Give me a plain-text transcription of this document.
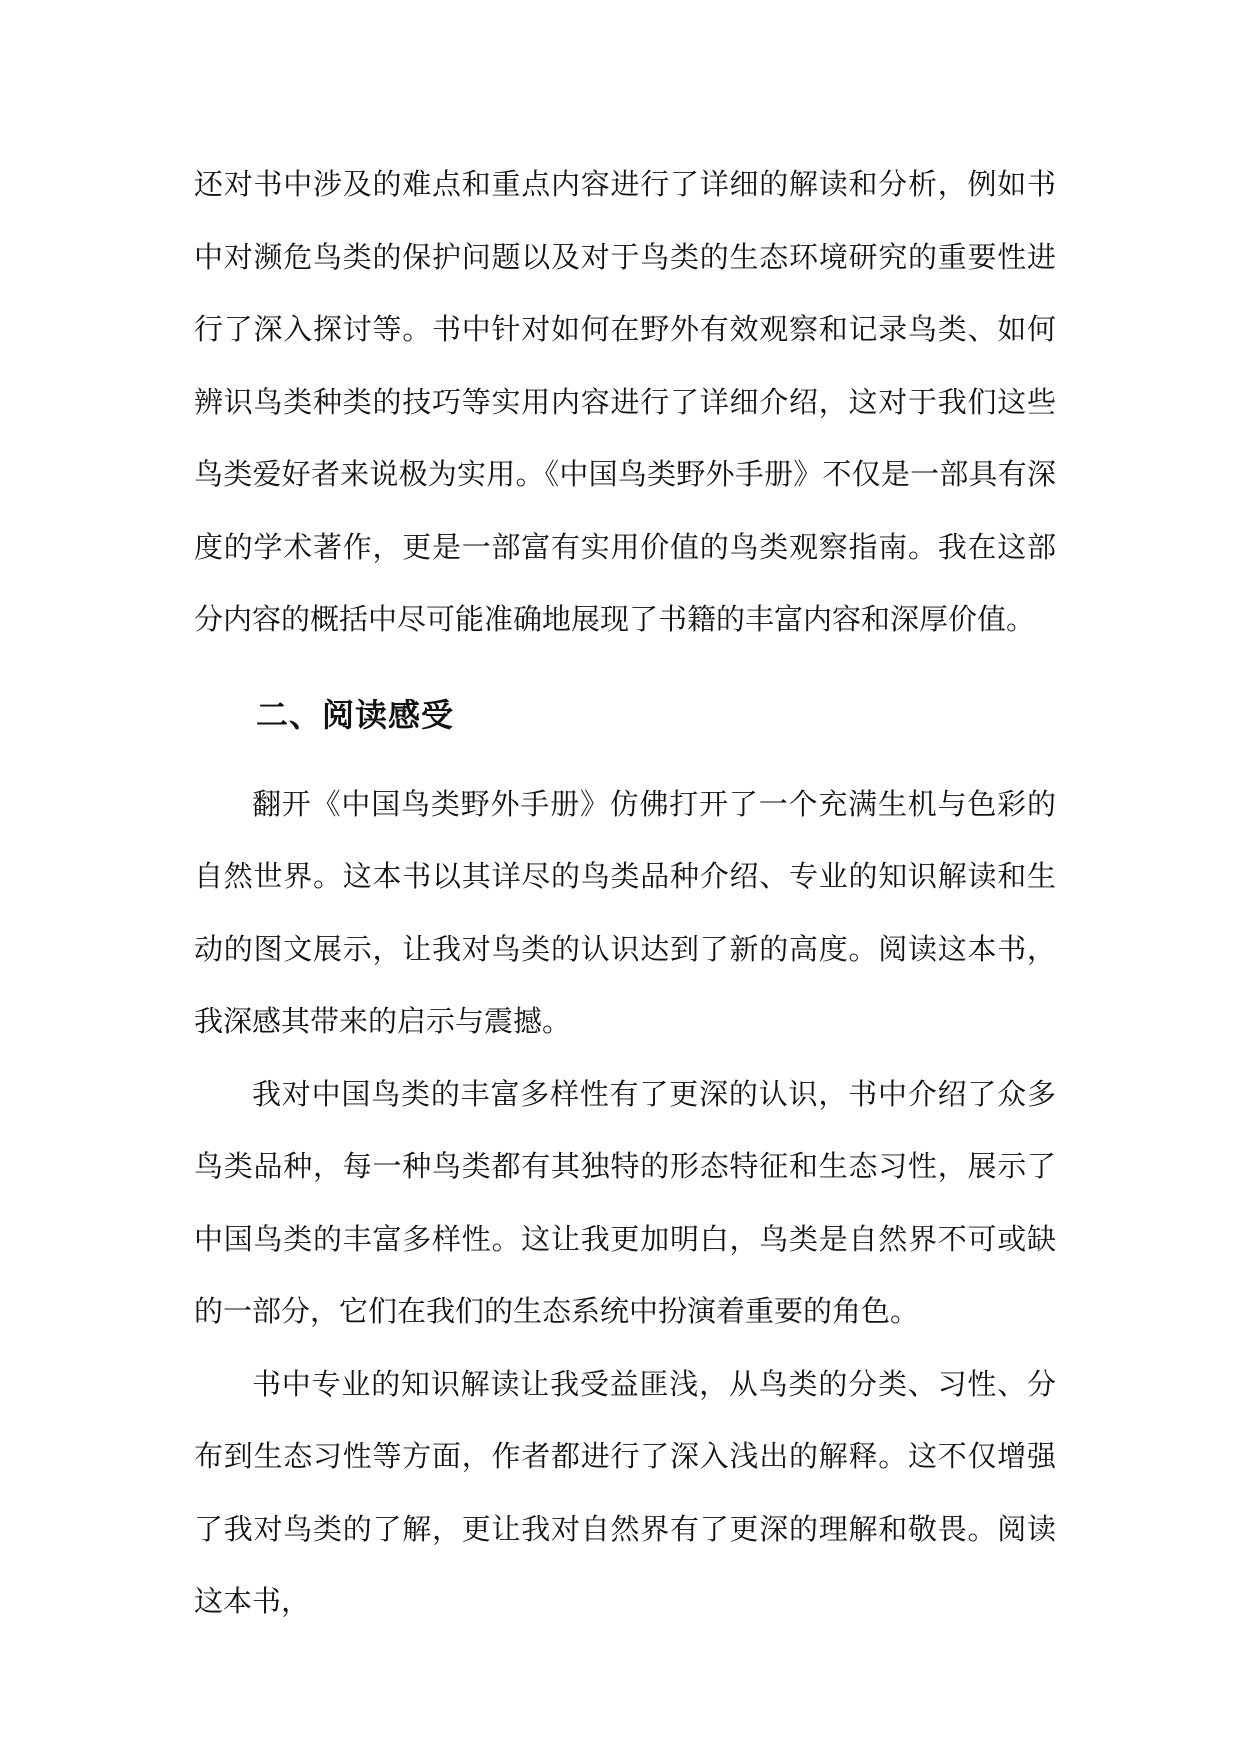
还对书中涉及的难点和重点内容进行了详细的解读和分析，例如书中对濒危鸟类的保护问题以及对于鸟类的生态环境研究的重要性进行了深入探讨等。书中针对如何在野外有效观察和记录鸟类、如何辨识鸟类种类的技巧等实用内容进行了详细介绍，这对于我们这些鸟类爱好者来说极为实用。《中国鸟类野外手册》不仅是一部具有深度的学术著作，更是一部富有实用价值的鸟类观察指南。我在这部分内容的概括中尽可能准确地展现了书籍的丰富内容和深厚价值。

二、阅读感受

翻开《中国鸟类野外手册》仿佛打开了一个充满生机与色彩的自然世界。这本书以其详尽的鸟类品种介绍、专业的知识解读和生动的图文展示，让我对鸟类的认识达到了新的高度。阅读这本书，我深感其带来的启示与震撼。

我对中国鸟类的丰富多样性有了更深的认识，书中介绍了众多鸟类品种，每一种鸟类都有其独特的形态特征和生态习性，展示了中国鸟类的丰富多样性。这让我更加明白，鸟类是自然界不可或缺的一部分，它们在我们的生态系统中扮演着重要的角色。

书中专业的知识解读让我受益匪浅，从鸟类的分类、习性、分布到生态习性等方面，作者都进行了深入浅出的解释。这不仅增强了我对鸟类的了解，更让我对自然界有了更深的理解和敬畏。阅读这本书，
